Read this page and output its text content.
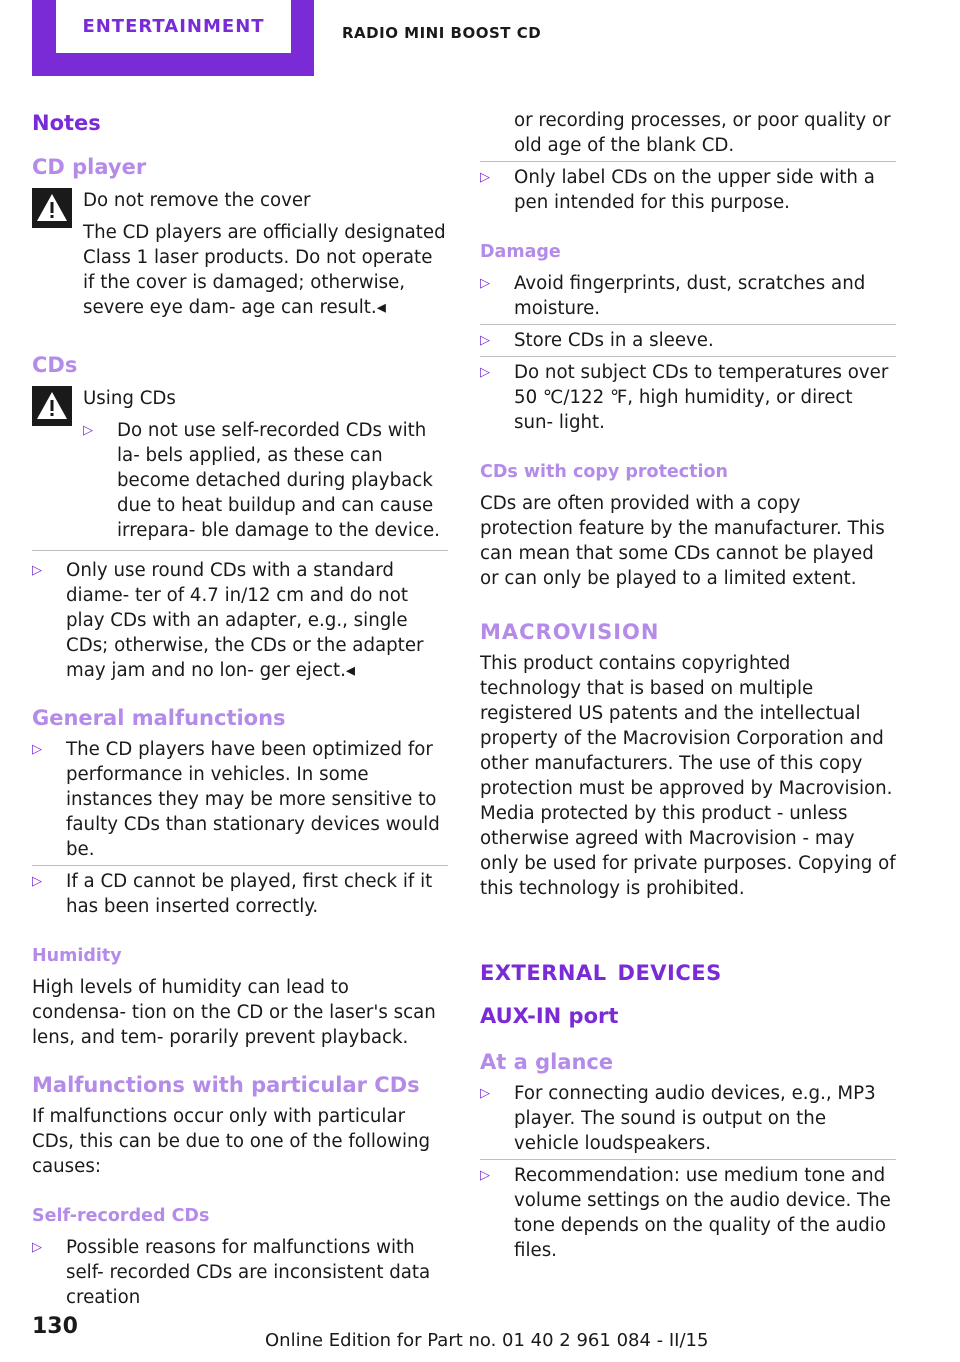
ENTERTAINMENT	RADIO MINI BOOST CD
Notes
CD player

Do not remove the cover

The CD players are officially designated Class 1 laser products. Do not operate if the cover is damaged; otherwise, severe eye dam‐ age can result.◂

CDs

Using CDs

▷ Do not use self-recorded CDs with la‐ bels applied, as these can become detached during playback due to heat buildup and can cause irrepara‐ ble damage to the device.
▷ Only use round CDs with a standard diame‐ ter of 4.7 in/12 cm and do not play CDs with an adapter, e.g., single CDs; otherwise, the CDs or the adapter may jam and no lon‐ ger eject.◂
General malfunctions
▷ The CD players have been optimized for performance in vehicles. In some instances they may be more sensitive to faulty CDs than stationary devices would be.
▷ If a CD cannot be played, first check if it has been inserted correctly.
Humidity

High levels of humidity can lead to condensa‐ tion on the CD or the laser's scan lens, and tem‐ porarily prevent playback.

Malfunctions with particular CDs

If malfunctions occur only with particular CDs, this can be due to one of the following causes:

Self-recorded CDs
▷ Possible reasons for malfunctions with self- recorded CDs are inconsistent data creation
or recording processes, or poor quality or old age of the blank CD.
▷ Only label CDs on the upper side with a pen intended for this purpose.
Damage
▷ Avoid fingerprints, dust, scratches and moisture.
▷ Store CDs in a sleeve.
▷ Do not subject CDs to temperatures over 50 ℃/122 ℉, high humidity, or direct sun‐ light.
CDs with copy protection

CDs are often provided with a copy protection feature by the manufacturer. This can mean that some CDs cannot be played or can only be played to a limited extent.

MACROVISION

This product contains copyrighted technology that is based on multiple registered US patents and the intellectual property of the Macrovision Corporation and other manufacturers. The use of this copy protection must be approved by Macrovision. Media protected by this product - unless otherwise agreed with Macrovision - may only be used for private purposes. Copying of this technology is prohibited.

external devices
AUX-IN port
At a glance
▷ For connecting audio devices, e.g., MP3 player. The sound is output on the vehicle loudspeakers.
▷ Recommendation: use medium tone and volume settings on the audio device. The tone depends on the quality of the audio files.
130
Online Edition for Part no. 01 40 2 961 084 - II/15
